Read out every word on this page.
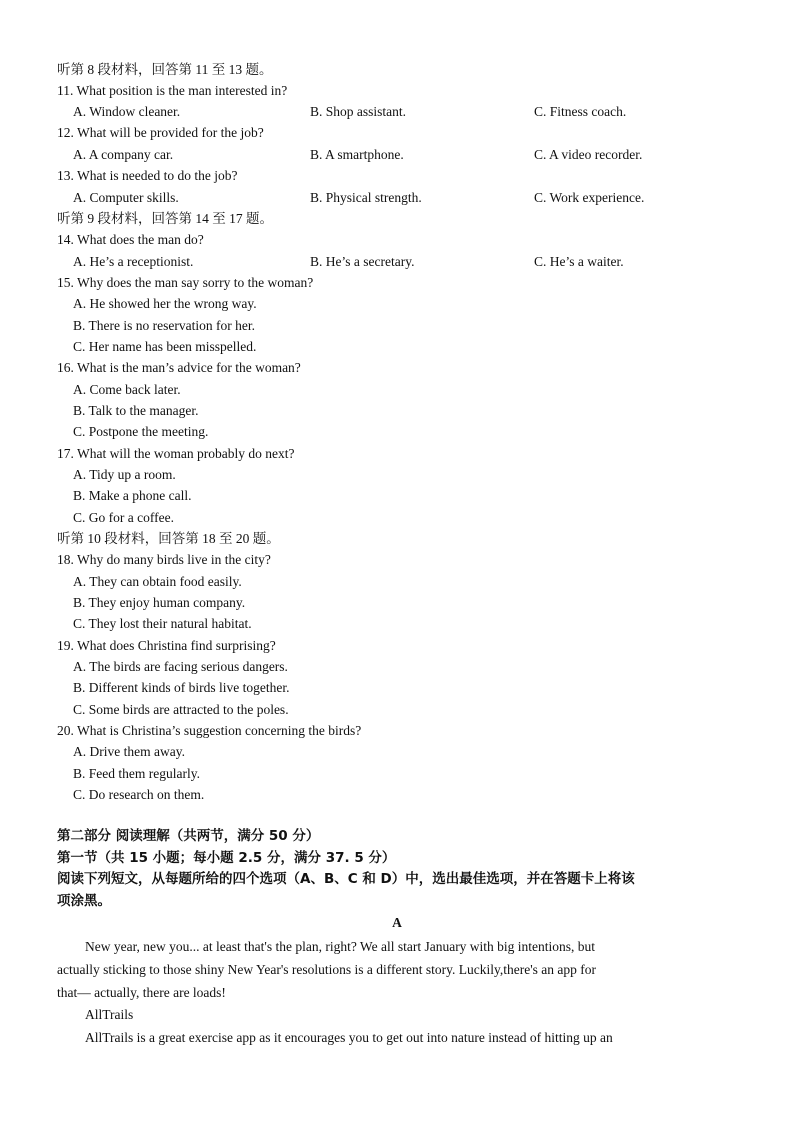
听第 8 段材料，回答第 11 至 13 题。
11. What position is the man interested in?
A. Window cleaner.	B. Shop assistant.	C. Fitness coach.
12. What will be provided for the job?
A. A company car.	B. A smartphone.	C. A video recorder.
13. What is needed to do the job?
A. Computer skills.	B. Physical strength.	C. Work experience.
听第 9 段材料，回答第 14 至 17 题。
14. What does the man do?
A. He’s a receptionist.	B. He’s a secretary.	C. He’s a waiter.
15. Why does the man say sorry to the woman?
A. He showed her the wrong way.
B. There is no reservation for her.
C. Her name has been misspelled.
16. What is the man’s advice for the woman?
A. Come back later.
B. Talk to the manager.
C. Postpone the meeting.
17. What will the woman probably do next?
A. Tidy up a room.
B. Make a phone call.
C. Go for a coffee.
听第 10 段材料，回答第 18 至 20 题。
18. Why do many birds live in the city?
A. They can obtain food easily.
B. They enjoy human company.
C. They lost their natural habitat.
19. What does Christina find surprising?
A. The birds are facing serious dangers.
B. Different kinds of birds live together.
C. Some birds are attracted to the poles.
20. What is Christina’s suggestion concerning the birds?
A. Drive them away.
B. Feed them regularly.
C. Do research on them.
第二部分 阅读理解（共两节，满分 50 分）
第一节（共 15 小题；每小题 2.5 分，满分 37. 5 分）
阅读下列短文，从每题所给的四个选项（A、B、C 和 D）中，选出最佳选项，并在答题卡上将该
项涂黑。
A
New year, new you... at least that's the plan, right? We all start January with big intentions, but
actually sticking to those shiny New Year's resolutions is a different story. Luckily,there's an app for
that— actually, there are loads!
AllTrails
AllTrails is a great exercise app as it encourages you to get out into nature instead of hitting up an
